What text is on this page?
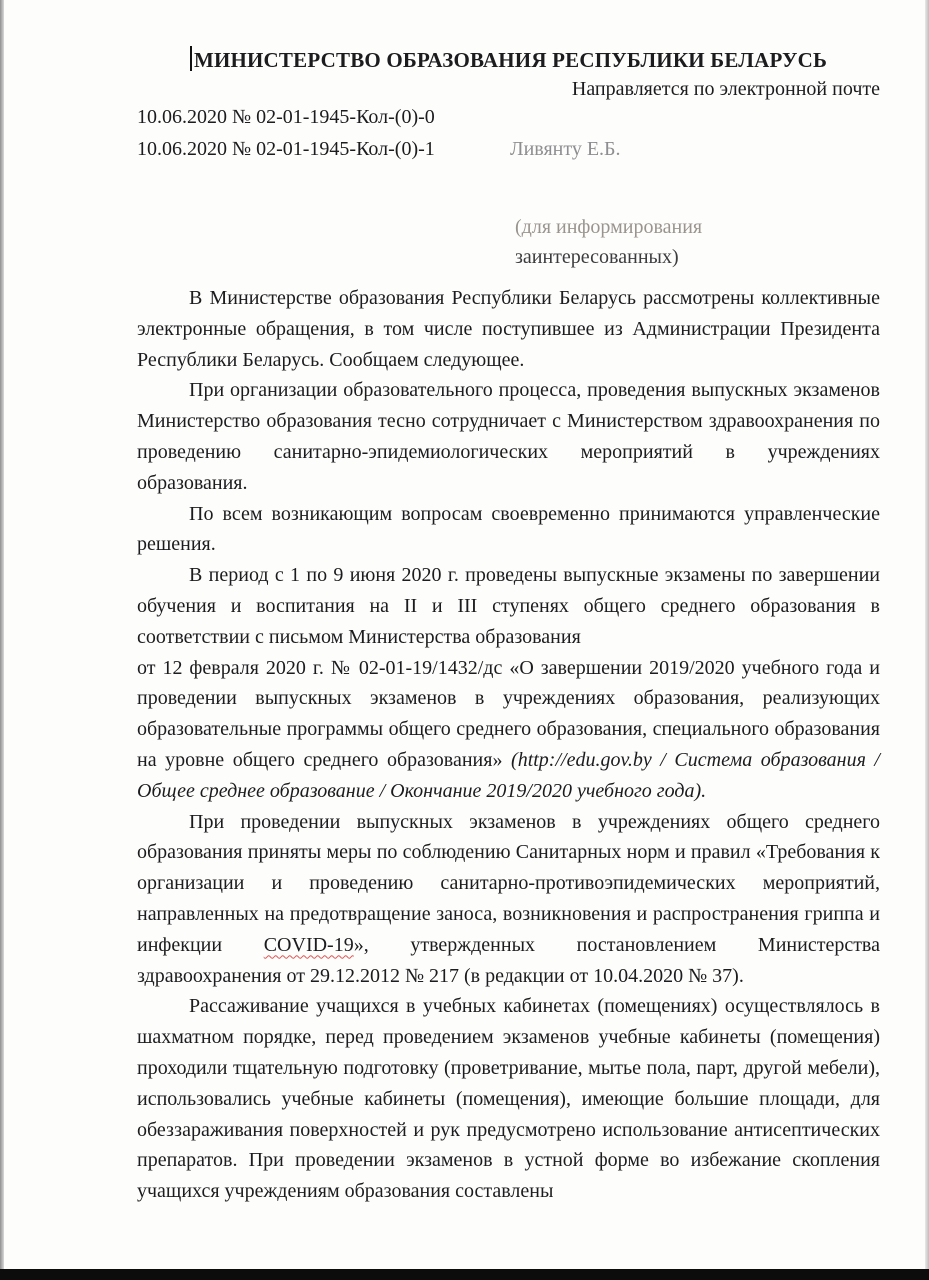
МИНИСТЕРСТВО ОБРАЗОВАНИЯ РЕСПУБЛИКИ БЕЛАРУСЬ
Направляется по электронной почте
10.06.2020 № 02-01-1945-Кол-(0)-0
10.06.2020 № 02-01-1945-Кол-(0)-1	Ливянту Е.Б.
(для информирования
заинтересованных)

В Министерстве образования Республики Беларусь рассмотрены коллективные электронные обращения, в том числе поступившее из Администрации Президента Республики Беларусь. Сообщаем следующее.

При организации образовательного процесса, проведения выпускных экзаменов Министерство образования тесно сотрудничает с Министерством здравоохранения по проведению санитарно-эпидемиологических мероприятий в учреждениях образования.

По всем возникающим вопросам своевременно принимаются управленческие решения.

В период с 1 по 9 июня 2020 г. проведены выпускные экзамены по завершении обучения и воспитания на II и III ступенях общего среднего образования в соответствии с письмом Министерства образования

от 12 февраля 2020 г. № 02-01-19/1432/дс «О завершении 2019/2020 учебного года и проведении выпускных экзаменов в учреждениях образования, реализующих образовательные программы общего среднего образования, специального образования на уровне общего среднего образования» (http://edu.gov.by / Система образования / Общее среднее образование / Окончание 2019/2020 учебного года).

При проведении выпускных экзаменов в учреждениях общего среднего образования приняты меры по соблюдению Санитарных норм и правил «Требования к организации и проведению санитарно-противоэпидемических мероприятий, направленных на предотвращение заноса, возникновения и распространения гриппа и инфекции COVID-19», утвержденных постановлением Министерства здравоохранения от 29.12.2012 № 217 (в редакции от 10.04.2020 № 37).

Рассаживание учащихся в учебных кабинетах (помещениях) осуществлялось в шахматном порядке, перед проведением экзаменов учебные кабинеты (помещения) проходили тщательную подготовку (проветривание, мытье пола, парт, другой мебели), использовались учебные кабинеты (помещения), имеющие большие площади, для обеззараживания поверхностей и рук предусмотрено использование антисептических препаратов. При проведении экзаменов в устной форме во избежание скопления учащихся учреждениям образования составлены
